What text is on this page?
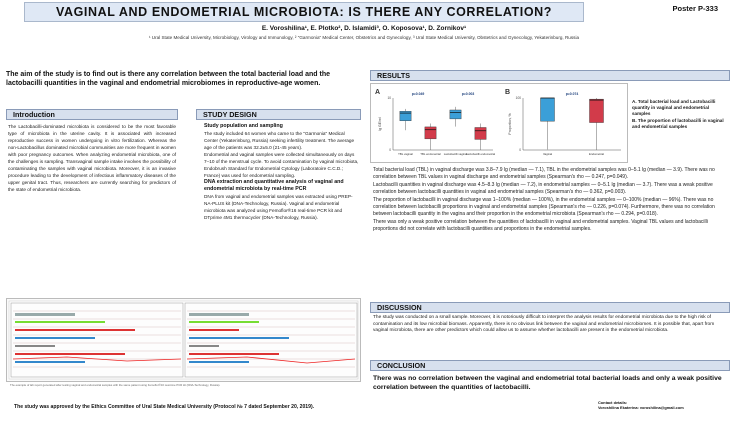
VAGINAL AND ENDOMETRIAL MICROBIOTA: IS THERE ANY CORRELATION?	Poster P-333
E. Voroshilina¹, E. Plotko², D. Islamidi³, O. Koposova¹, D. Zornikov¹
¹ Ural State Medical University, Microbiology, Virology and Immunology, ² "Garmonia" Medical Center, Obstetrics and Gynecology, ³ Ural State Medical University, Obstetrics and Gynecology, Yekaterinburg, Russia
The aim of the study is to find out is there any correlation between the total bacterial load and the lactobacilli quantities in the vaginal and endometrial microbiomes in reproductive-age women.
Introduction
The Lactobacilli-dominated microbiota is considered to be the most favorable type of microbiota in the uterine cavity. It is associated with increased reproductive success in women undergoing in vitro fertilization. Whereas the non-Lactobacillus dominated microbial communities are more frequent in women with poor pregnancy outcomes. When analyzing endometrial microbiota, one of the challenges is sampling. Transvaginal sample intake involves the possibility of contaminating the samples with vaginal microbiota. Moreover, it is an invasive procedure leading to the development of infectious inflammatory diseases of the upper genital tract. Thus, researchers are currently searching for predictors of the state of endometrial microbiota.
STUDY DESIGN

Study population and sampling

The study included 64 women who came to the "Garmonia" Medical Center (Yekaterinburg, Russia) seeking infertility treatment. The average age of the patients was 32.2±5.0 (21-45 years).

Endometrial and vaginal samples were collected simultaneously on days 7–10 of the menstrual cycle. To avoid contamination by vaginal microbiota, Endobrush Standard for Endometrial Cytology (Laboratoire C.C.D.; France) was used for endometrial sampling.

DNA extraction and quantitative analysis of vaginal and endometrial microbiota by real-time PCR

DNA from vaginal and endometrial samples was extracted using PREP-NA-PLUS kit (DNA-Technology, Russia). Vaginal and endometrial microbiota was analyzed using Femoflor®16 real-time PCR kit and DTprime 4M1 thermocycler (DNA-Technology, Russia).

The example of lab report generated after testing vaginal and endometrial samples with the same patient using Femoflor®16 real-time PCR kit (DNA-Technology, Russia).
The study was approved by the Ethics Committee of Ural State Medical University (Protocol № 7 dated September 20, 2019).
RESULTS
A	B
lg GE/ml
0
10
TBL vaginal	TBL endometrial Lactobacilli vaginal
Lactobacilli endometrial
p=0.049	p=0.003
Proportion, %
0
100
Vaginal	Endometrial
p=0.074

A. Total bacterial load and Lactobacilli quantity in vaginal and endometrial samples

B. The proportion of lactobacilli in vaginal and endometrial samples

Total bacterial load (TBL) in vaginal discharge was 3.8–7.9 lg (median — 7.1), TBL in the endometrial samples was 0–5.1 lg (median — 3.9). There was no correlation between TBL values in vaginal discharge and endometrial samples (Spearman's rho — 0.247, p=0.049).

Lactobacilli quantities in vaginal discharge was 4.5–8.3 lg (median — 7.2), in endometrial samples — 0–5.1 lg (median — 3.7). There was a weak positive correlation between lactobacilli quantities in vaginal and endometrial samples (Spearman's rho — 0.362, p=0.003).

The proportion of lactobacilli in vaginal discharge was 1–100% (median — 100%), in the endometrial samples — 0–100% (median — 96%). There was no correlation between lactobacilli proportions in vaginal and endometrial samples (Spearman's rho — 0.226, p=0.074). Furthermore, there was no correlation between lactobacilli quantity in the vagina and their proportion in the endometrial microbiota (Spearman's rho — 0.294, p=0.018).

There was only a weak positive correlation between the quantities of lactobacilli in vaginal and endometrial samples. Vaginal TBL values and lactobacilli proportions did not correlate with lactobacilli quantities and proportions in the endometrial samples.

DISCUSSION
The study was conducted on a small sample. Moreover, it is notoriously difficult to interpret the analysis results for endometrial microbiota due to the high risk of contamination and its low microbial biomass. Apparently, there is no obvious link between the vaginal and endometrial microbiomes. It is possible that, apart from vaginal microbiota, there are other predictors which could allow us to assume whether lactobacilli are present in the endometrial microbiota.
CONCLUSION
There was no correlation between the vaginal and endometrial total bacterial loads and only a weak positive correlation between the quantities of lactobacilli.
Contact details:
Voroshilina Ekaterina: voroshilina@gmail.com
